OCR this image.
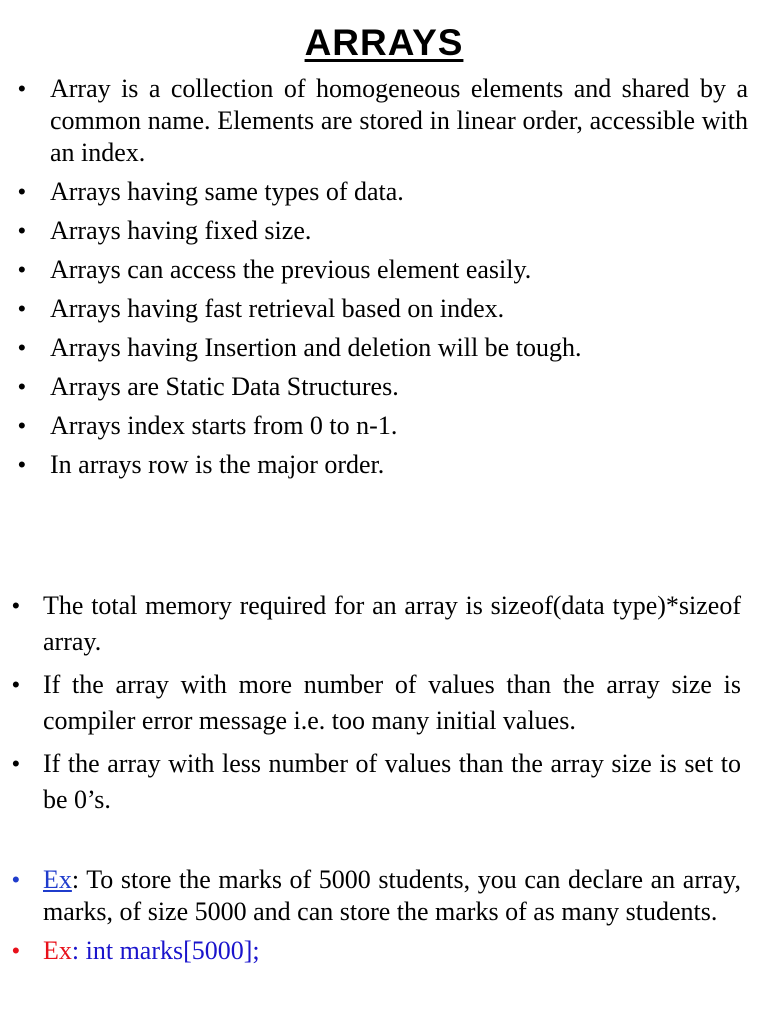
ARRAYS
• Array is a collection of homogeneous elements and shared by a common name. Elements are stored in linear order, accessible with an index.
• Arrays having same types of data.
• Arrays having fixed size.
• Arrays can access the previous element easily.
• Arrays having fast retrieval based on index.
• Arrays having Insertion and deletion will be tough.
• Arrays are Static Data Structures.
• Arrays index starts from 0 to n-1.
• In arrays row is the major order.
• The total memory required for an array is sizeof(data type)*sizeof array.
• If the array with more number of values than the array size is compiler error message i.e. too many initial values.
• If the array with less number of values than the array size is set to be 0’s.
• Ex: To store the marks of 5000 students, you can declare an array, marks, of size 5000 and can store the marks of as many students.
• Ex: int marks[5000];
